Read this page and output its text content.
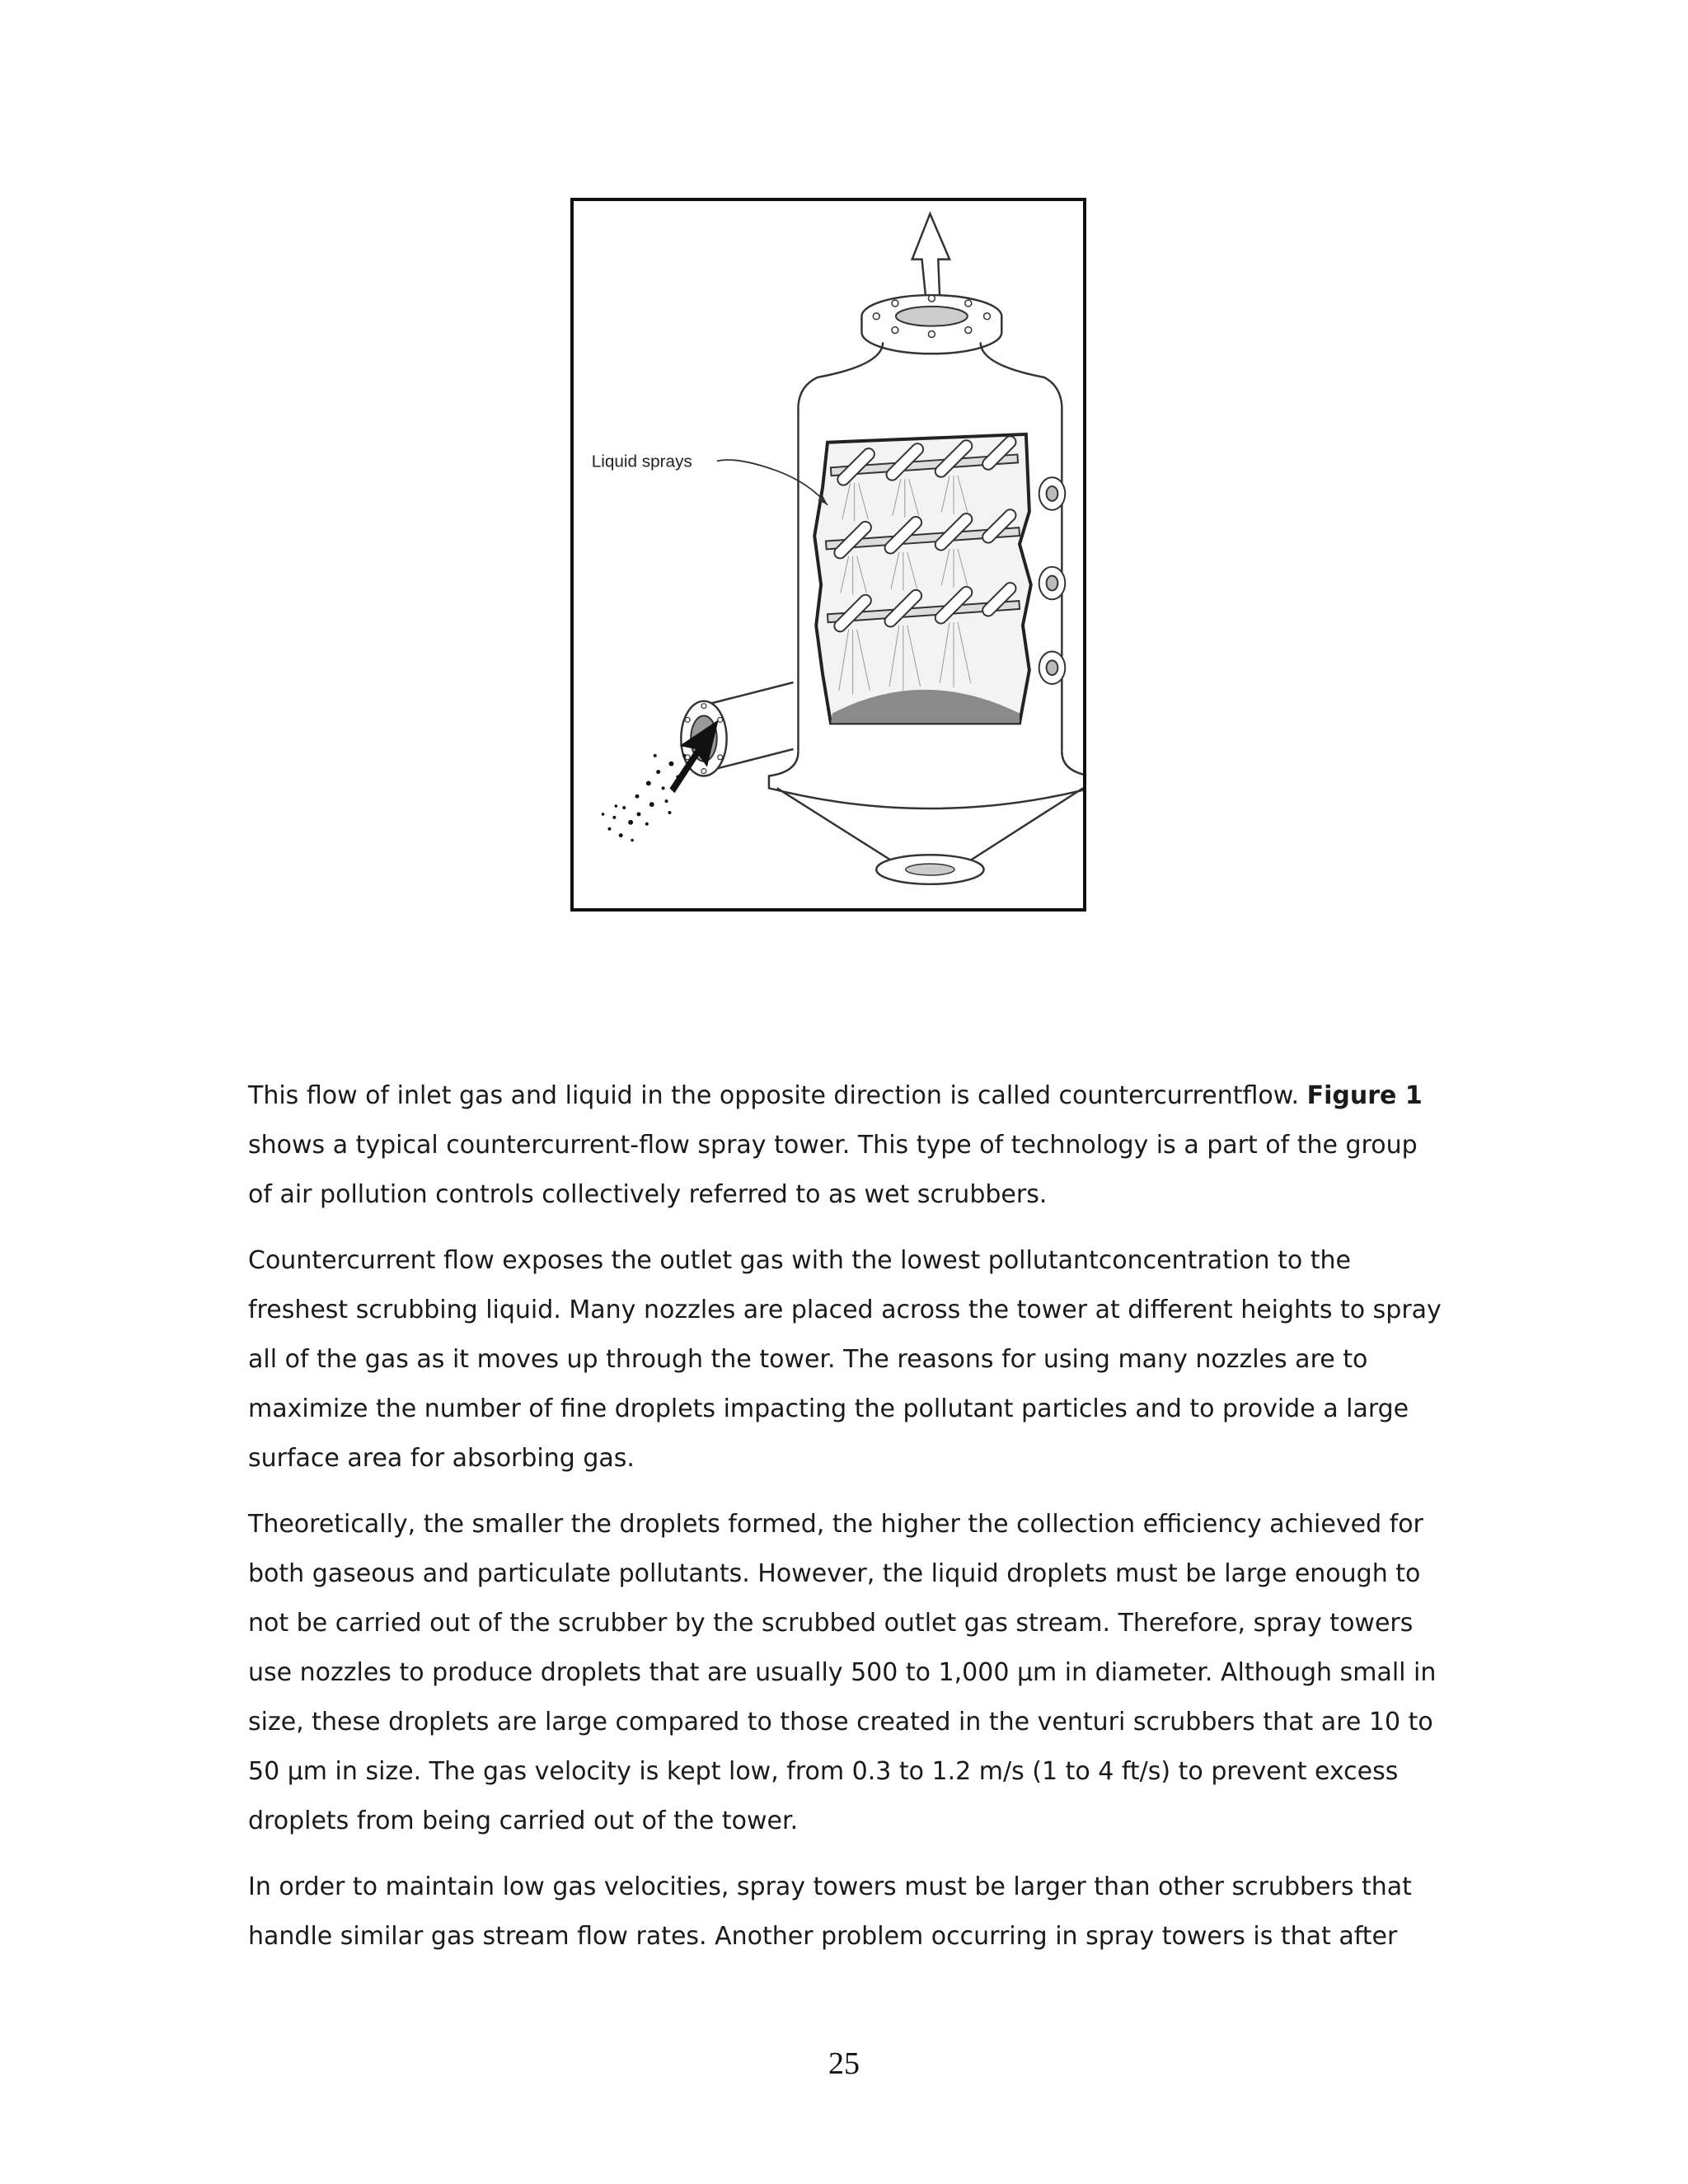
Liquid sprays

This flow of inlet gas and liquid in the opposite direction is called countercurrentflow. Figure 1 shows a typical countercurrent-flow spray tower. This type of technology is a part of the group of air pollution controls collectively referred to as wet scrubbers.

Countercurrent flow exposes the outlet gas with the lowest pollutantconcentration to the freshest scrubbing liquid. Many nozzles are placed across the tower at different heights to spray all of the gas as it moves up through the tower. The reasons for using many nozzles are to maximize the number of fine droplets impacting the pollutant particles and to provide a large surface area for absorbing gas.

Theoretically, the smaller the droplets formed, the higher the collection efficiency achieved for both gaseous and particulate pollutants. However, the liquid droplets must be large enough to not be carried out of the scrubber by the scrubbed outlet gas stream. Therefore, spray towers use nozzles to produce droplets that are usually 500 to 1,000 µm in diameter. Although small in size, these droplets are large compared to those created in the venturi scrubbers that are 10 to 50 µm in size. The gas velocity is kept low, from 0.3 to 1.2 m/s (1 to 4 ft/s) to prevent excess droplets from being carried out of the tower.

In order to maintain low gas velocities, spray towers must be larger than other scrubbers that handle similar gas stream flow rates. Another problem occurring in spray towers is that after

25
